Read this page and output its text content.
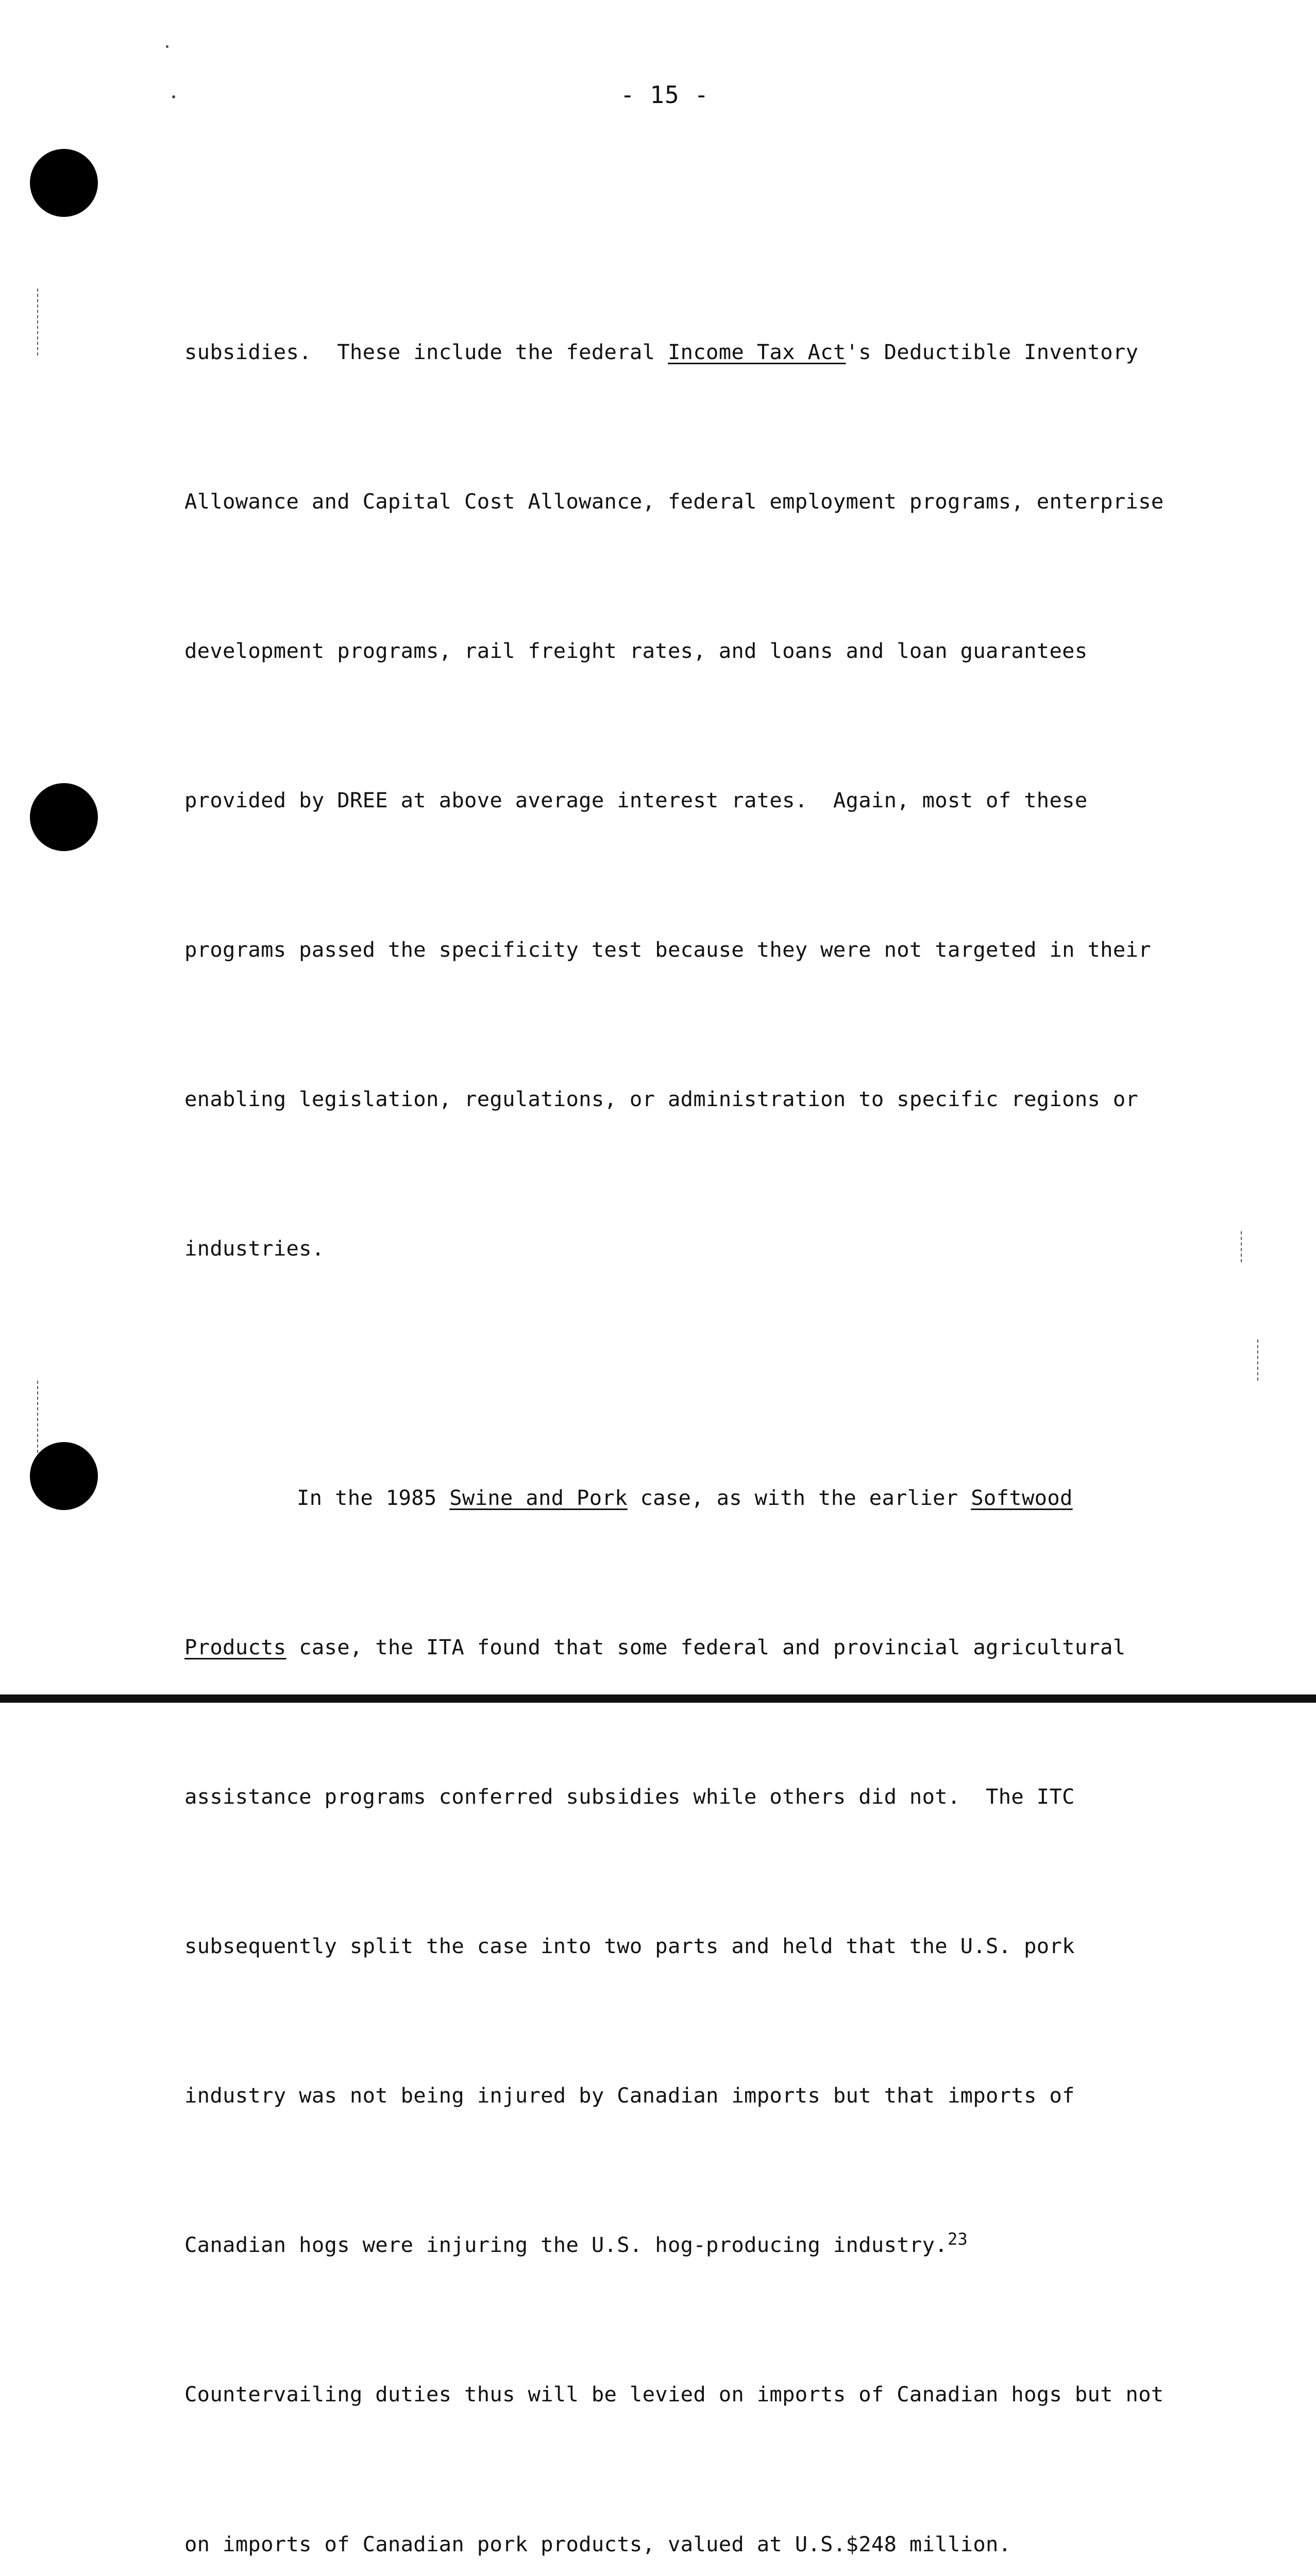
- 15 -

subsidies.  These include the federal Income Tax Act's Deductible Inventory

Allowance and Capital Cost Allowance, federal employment programs, enterprise

development programs, rail freight rates, and loans and loan guarantees

provided by DREE at above average interest rates.  Again, most of these

programs passed the specificity test because they were not targeted in their

enabling legislation, regulations, or administration to specific regions or

industries.

In the 1985 Swine and Pork case, as with the earlier Softwood

Products case, the ITA found that some federal and provincial agricultural

assistance programs conferred subsidies while others did not.  The ITC

subsequently split the case into two parts and held that the U.S. pork

industry was not being injured by Canadian imports but that imports of

Canadian hogs were injuring the U.S. hog-producing industry.$^{23}$

Countervailing duties thus will be levied on imports of Canadian hogs but not

on imports of Canadian pork products, valued at U.S.$248 million.
